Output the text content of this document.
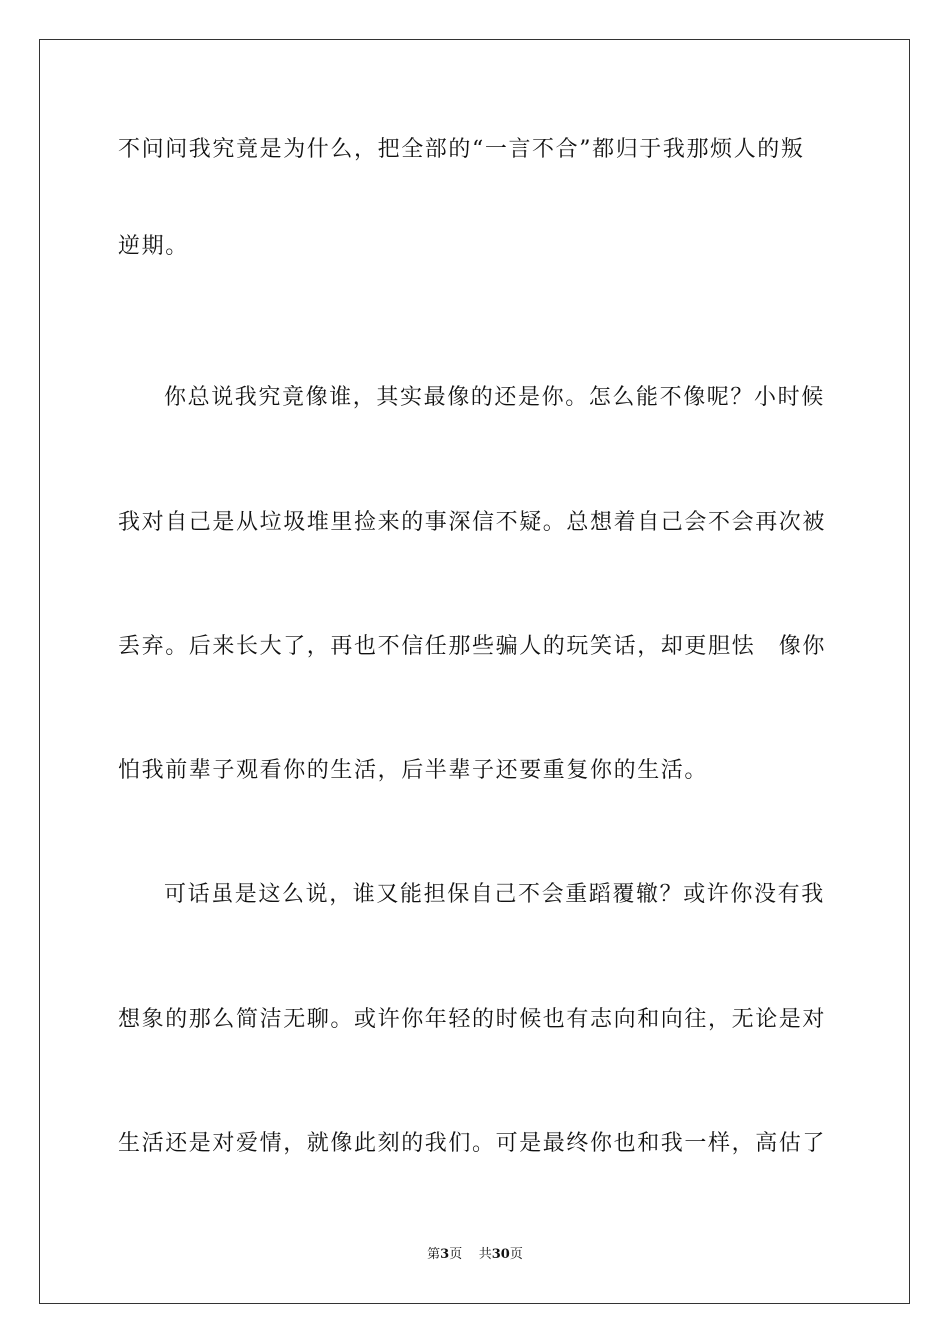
不问问我究竟是为什么，把全部的“一言不合”都归于我那烦人的叛
逆期。
你总说我究竟像谁，其实最像的还是你。怎么能不像呢？小时候
我对自己是从垃圾堆里捡来的事深信不疑。总想着自己会不会再次被
丢弃。后来长大了，再也不信任那些骗人的玩笑话，却更胆怯　像你
怕我前辈子观看你的生活，后半辈子还要重复你的生活。
可话虽是这么说，谁又能担保自己不会重蹈覆辙？或许你没有我
想象的那么简洁无聊。或许你年轻的时候也有志向和向往，无论是对
生活还是对爱情，就像此刻的我们。可是最终你也和我一样，高估了
第3页 共30页
